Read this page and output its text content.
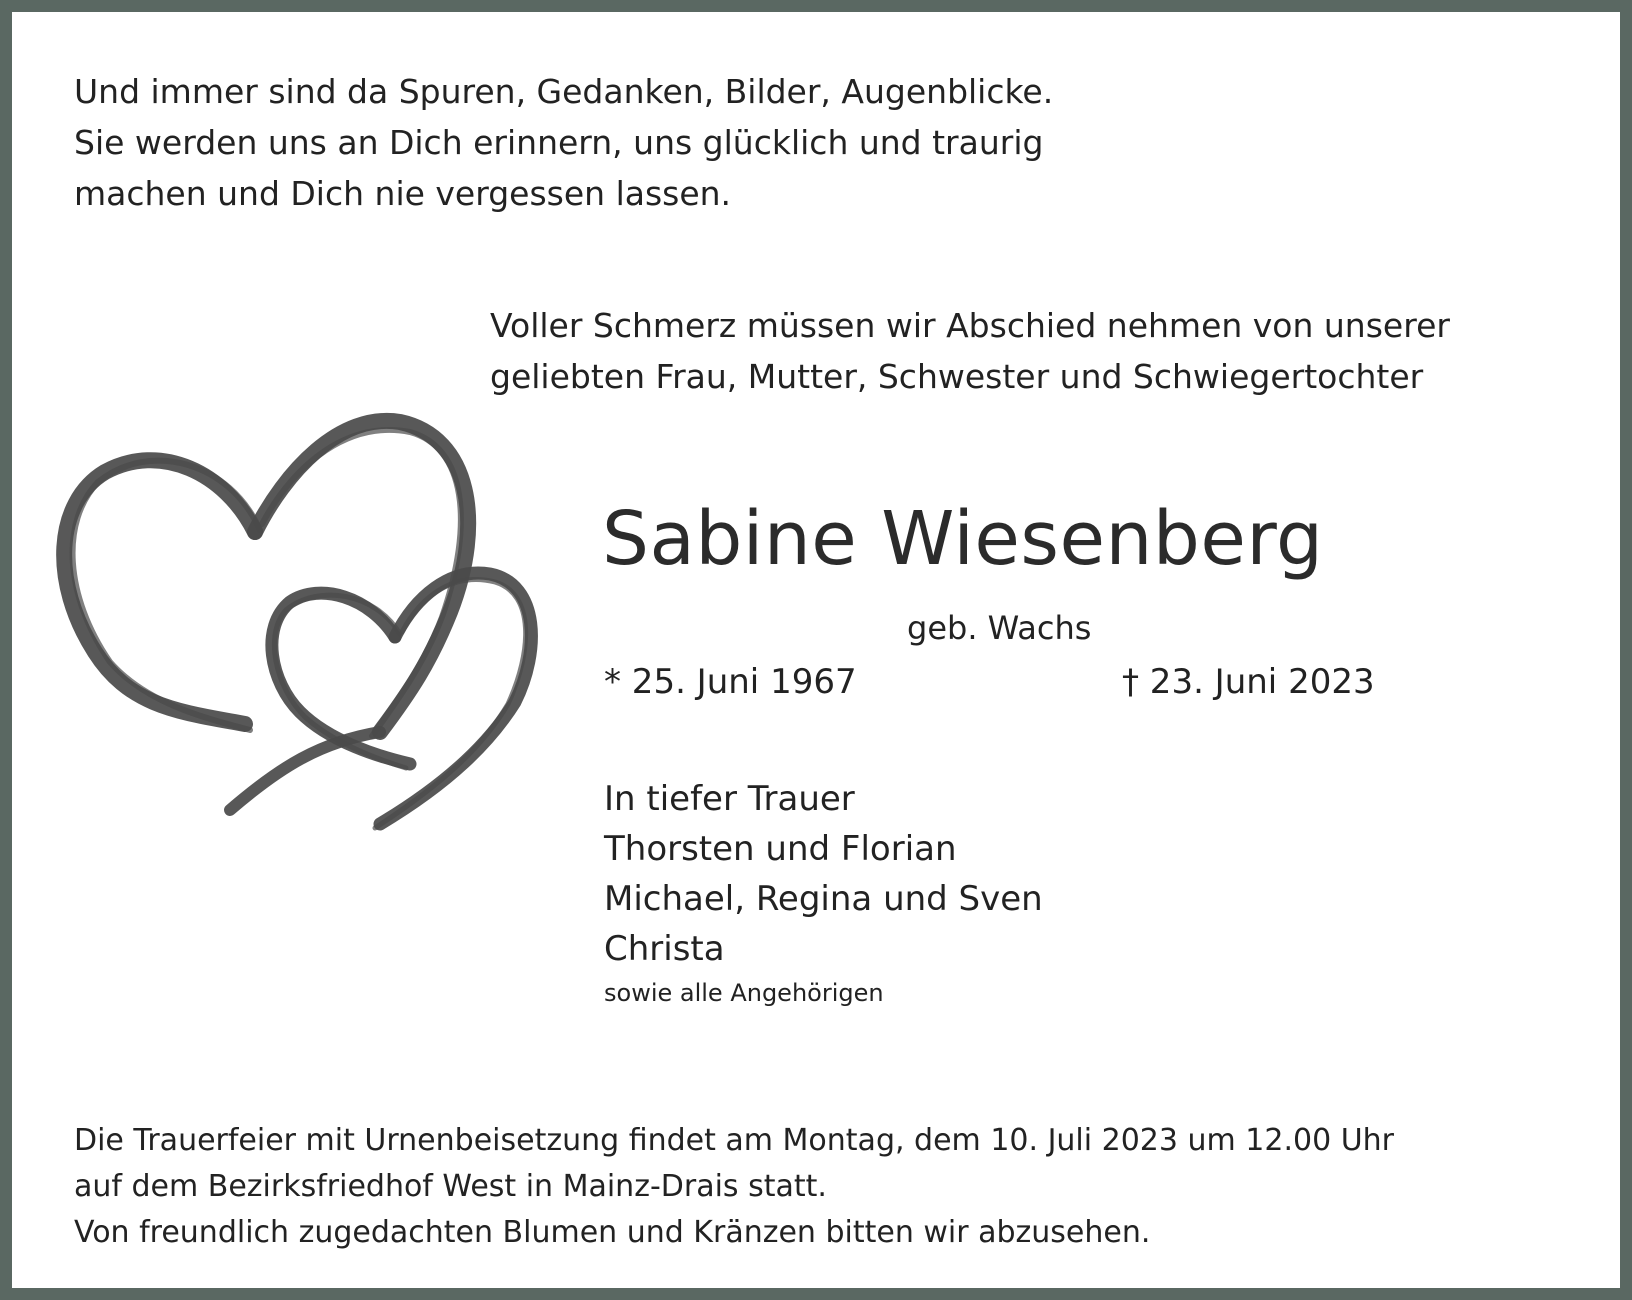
Und immer sind da Spuren, Gedanken, Bilder, Augenblicke.
Sie werden uns an Dich erinnern, uns glücklich und traurig
machen und Dich nie vergessen lassen.

Voller Schmerz müssen wir Abschied nehmen von unserer
geliebten Frau, Mutter, Schwester und Schwiegertochter

Sabine Wiesenberg
geb. Wachs
* 25. Juni 1967	† 23. Juni 2023

In tiefer Trauer
Thorsten und Florian
Michael, Regina und Sven
Christa

sowie alle Angehörigen

Die Trauerfeier mit Urnenbeisetzung findet am Montag, dem 10. Juli 2023 um 12.00 Uhr
auf dem Bezirksfriedhof West in Mainz-Drais statt.
Von freundlich zugedachten Blumen und Kränzen bitten wir abzusehen.
